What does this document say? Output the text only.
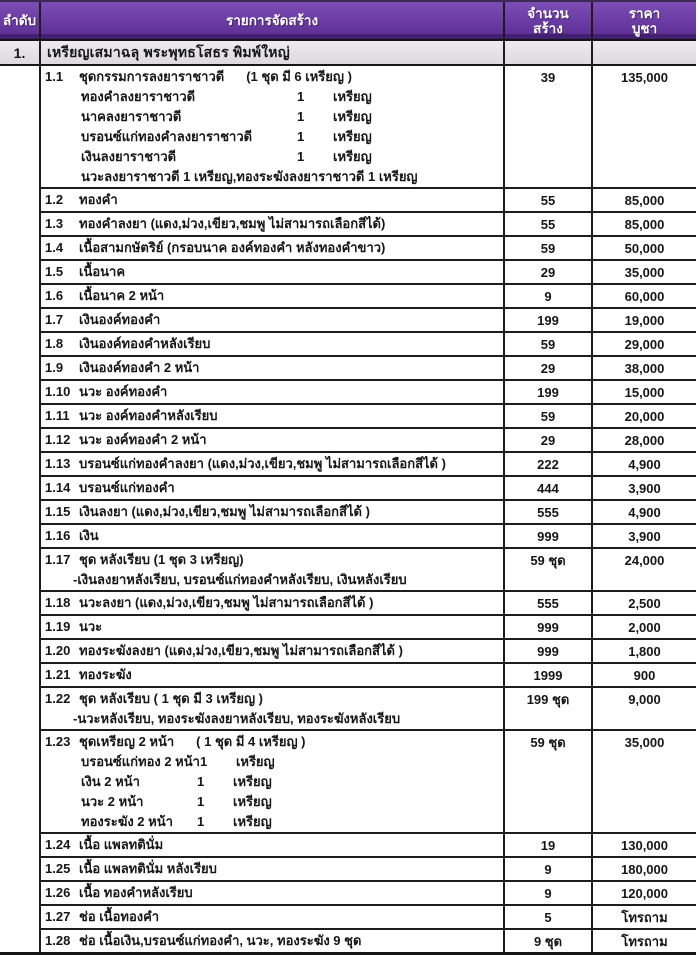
ลำดับ	รายการจัดสร้าง	จำนวน
สร้าง
ราคา
บูชา
1.	เหรียญเสมาฉลุ พระพุทธโสธร พิมพ์ใหญ่
1.1 ชุดกรรมการลงยาราชาวดี (1 ชุด มี 6 เหรียญ )
ทองคำลงยาราชาวดี	1	เหรียญ
นาคลงยาราชาวดี	1	เหรียญ
บรอนซ์แก่ทองคำลงยาราชาวดี	1	เหรียญ
เงินลงยาราชาวดี	1	เหรียญ
นวะลงยาราชาวดี 1 เหรียญ,ทองระฆังลงยาราชาวดี 1 เหรียญ
39	135,000
1.2 ทองคำ	55	85,000
1.3 ทองคำลงยา (แดง,ม่วง,เขียว,ชมพู ไม่สามารถเลือกสีได้)	55	85,000
1.4 เนื้อสามกษัตริย์ (กรอบนาค องค์ทองคำ หลังทองคำขาว)	59	50,000
1.5 เนื้อนาค	29	35,000
1.6 เนื้อนาค 2 หน้า	9	60,000
1.7 เงินองค์ทองคำ	199	19,000
1.8 เงินองค์ทองคำหลังเรียบ	59	29,000
1.9 เงินองค์ทองคำ 2 หน้า	29	38,000
1.10 นวะ องค์ทองคำ	199	15,000
1.11 นวะ องค์ทองคำหลังเรียบ	59	20,000
1.12 นวะ องค์ทองคำ 2 หน้า	29	28,000
1.13 บรอนซ์แก่ทองคำลงยา (แดง,ม่วง,เขียว,ชมพู ไม่สามารถเลือกสีได้ )	222	4,900
1.14 บรอนซ์แก่ทองคำ	444	3,900
1.15 เงินลงยา (แดง,ม่วง,เขียว,ชมพู ไม่สามารถเลือกสีได้ )	555	4,900
1.16 เงิน	999	3,900
1.17 ชุด หลังเรียบ (1 ชุด 3 เหรียญ)
-เงินลงยาหลังเรียบ, บรอนซ์แก่ทองคำหลังเรียบ, เงินหลังเรียบ
59 ชุด	24,000
1.18 นวะลงยา (แดง,ม่วง,เขียว,ชมพู ไม่สามารถเลือกสีได้ )	555	2,500
1.19 นวะ	999	2,000
1.20 ทองระฆังลงยา (แดง,ม่วง,เขียว,ชมพู ไม่สามารถเลือกสีได้ )	999	1,800
1.21 ทองระฆัง	1999	900
1.22 ชุด หลังเรียบ ( 1 ชุด มี 3 เหรียญ )
-นวะหลังเรียบ, ทองระฆังลงยาหลังเรียบ, ทองระฆังหลังเรียบ
199 ชุด	9,000
1.23 ชุดเหรียญ 2 หน้า ( 1 ชุด มี 4 เหรียญ )
บรอนซ์แก่ทอง 2 หน้า 1	เหรียญ
เงิน 2 หน้า	1	เหรียญ
นวะ 2 หน้า	1	เหรียญ
ทองระฆัง 2 หน้า	1	เหรียญ
59 ชุด	35,000
1.24 เนื้อ แพลทตินั่ม	19	130,000
1.25 เนื้อ แพลทตินั่ม หลังเรียบ	9	180,000
1.26 เนื้อ ทองคำหลังเรียบ	9	120,000
1.27 ช่อ เนื้อทองคำ	5	โทรถาม
1.28 ช่อ เนื้อเงิน,บรอนซ์แก่ทองคำ, นวะ, ทองระฆัง 9 ชุด	9 ชุด	โทรถาม
